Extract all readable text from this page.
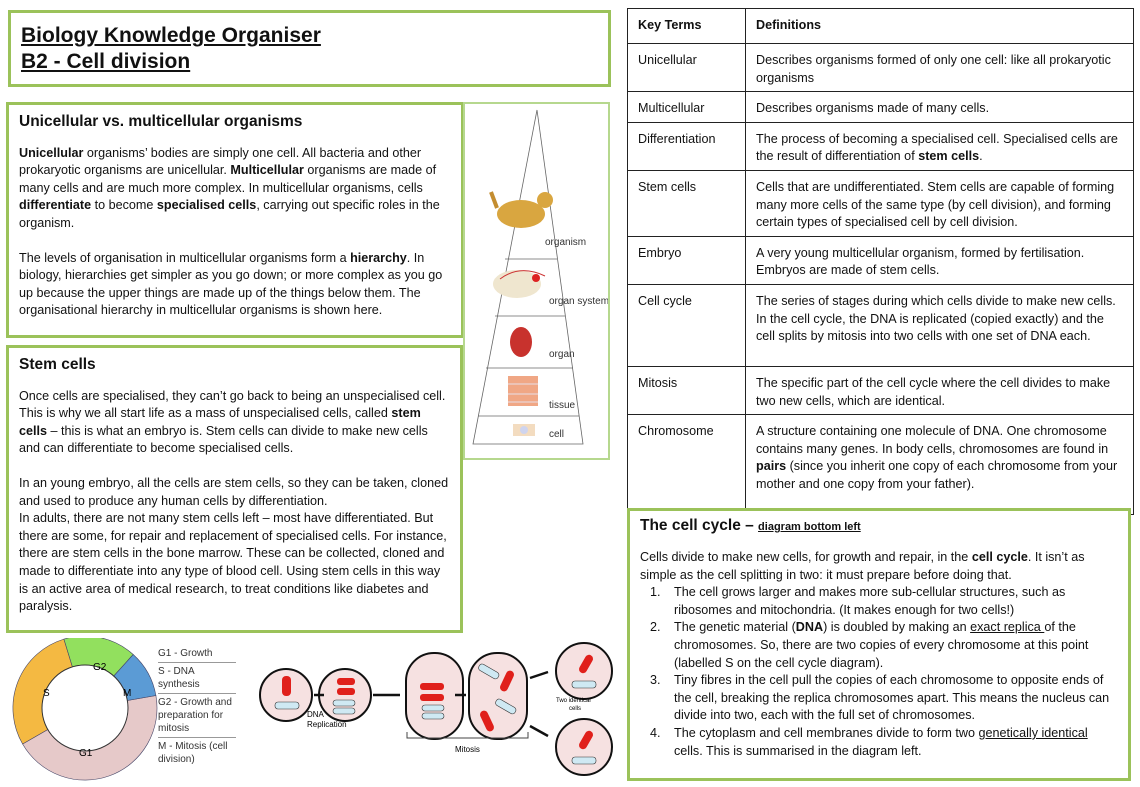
Biology Knowledge Organiser
B2 - Cell division
Unicellular vs. multicellular organisms

Unicellular organisms’ bodies are simply one cell. All bacteria and other prokaryotic organisms are unicellular. Multicellular organisms are made of many cells and are much more complex. In multicellular organisms, cells differentiate to become specialised cells, carrying out specific roles in the organism.

The levels of organisation in multicellular organisms form a hierarchy. In biology, hierarchies get simpler as you go down; or more complex as you go up because the upper things are made up of the things below them. The organisational hierarchy in multicellular organisms is shown here.

organism
organ system
organ
tissue
cell
Stem cells

Once cells are specialised, they can’t go back to being an unspecialised cell. This is why we all start life as a mass of unspecialised cells, called stem cells – this is what an embryo is. Stem cells can divide to make new cells and can differentiate to become specialised cells.

In an young embryo, all the cells are stem cells, so they can be taken, cloned and used to produce any human cells by differentiation.

In adults, there are not many stem cells left – most have differentiated. But there are some, for repair and replacement of specialised cells. For instance, there are stem cells in the bone marrow. These can be collected, cloned and made to differentiate into any type of blood cell. Using stem cells in this way is an active area of medical research, to treat conditions like diabetes and paralysis.

S
G2
M
G1
DNA
Replication
Mitosis
Two identical
cells
G1 - Growth
S - DNA synthesis
G2 - Growth and preparation for mitosis
M - Mitosis (cell division)
Key Terms	Definitions
Unicellular	Describes organisms formed of only one cell: like all prokaryotic organisms
Multicellular	Describes organisms made of many cells.
Differentiation	The process of becoming a specialised cell. Specialised cells are the result of differentiation of stem cells.
Stem cells	Cells that are undifferentiated. Stem cells are capable of forming many more cells of the same type (by cell division), and forming certain types of specialised cell by cell division.
Embryo	A very young multicellular organism, formed by fertilisation. Embryos are made of stem cells.
Cell cycle	The series of stages during which cells divide to make new cells. In the cell cycle, the DNA is replicated (copied exactly) and the cell splits by mitosis into two cells with one set of DNA each.
Mitosis	The specific part of the cell cycle where the cell divides to make two new cells, which are identical.
Chromosome	A structure containing one molecule of DNA. One chromosome contains many genes. In body cells, chromosomes are found in pairs (since you inherit one copy of each chromosome from your mother and one copy from your father).
The cell cycle – diagram bottom left

Cells divide to make new cells, for growth and repair, in the cell cycle. It isn’t as simple as the cell splitting in two: it must prepare before doing that.

1. The cell grows larger and makes more sub-cellular structures, such as ribosomes and mitochondria. (It makes enough for two cells!)
2. The genetic material (DNA) is doubled by making an exact replica of the chromosomes. So, there are two copies of every chromosome at this point (labelled S on the cell cycle diagram).
3. Tiny fibres in the cell pull the copies of each chromosome to opposite ends of the cell, breaking the replica chromosomes apart. This means the nucleus can divide into two, each with the full set of chromosomes.
4. The cytoplasm and cell membranes divide to form two genetically identical cells. This is summarised in the diagram left.
